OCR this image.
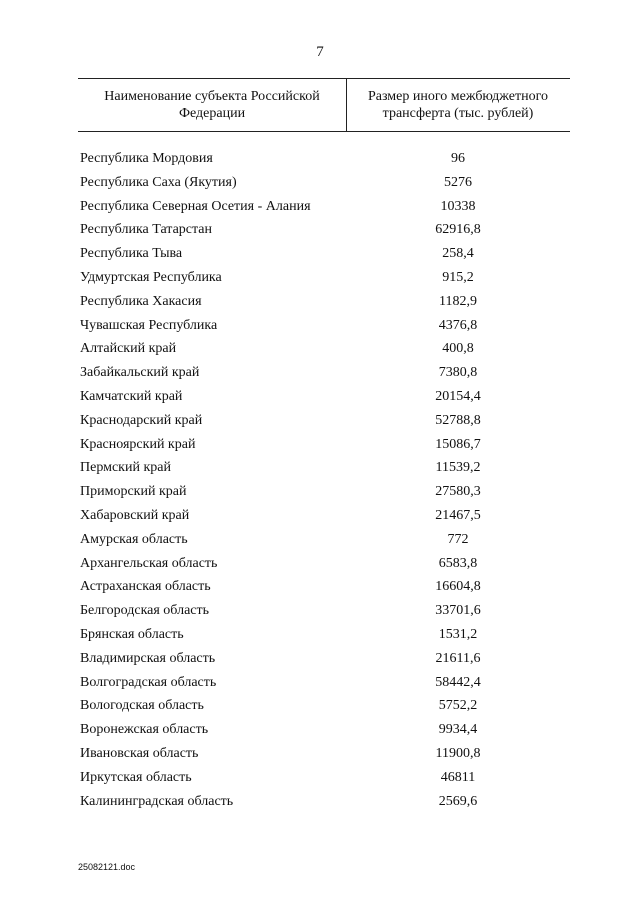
7
Наименование субъекта Российской Федерации
Размер иного межбюджетного трансферта (тыс. рублей)
Республика Мордовия	96
Республика Саха (Якутия)	5276
Республика Северная Осетия - Алания	10338
Республика Татарстан	62916,8
Республика Тыва	258,4
Удмуртская Республика	915,2
Республика Хакасия	1182,9
Чувашская Республика	4376,8
Алтайский край	400,8
Забайкальский край	7380,8
Камчатский край	20154,4
Краснодарский край	52788,8
Красноярский край	15086,7
Пермский край	11539,2
Приморский край	27580,3
Хабаровский край	21467,5
Амурская область	772
Архангельская область	6583,8
Астраханская область	16604,8
Белгородская область	33701,6
Брянская область	1531,2
Владимирская область	21611,6
Волгоградская область	58442,4
Вологодская область	5752,2
Воронежская область	9934,4
Ивановская область	11900,8
Иркутская область	46811
Калининградская область	2569,6
25082121.doc
